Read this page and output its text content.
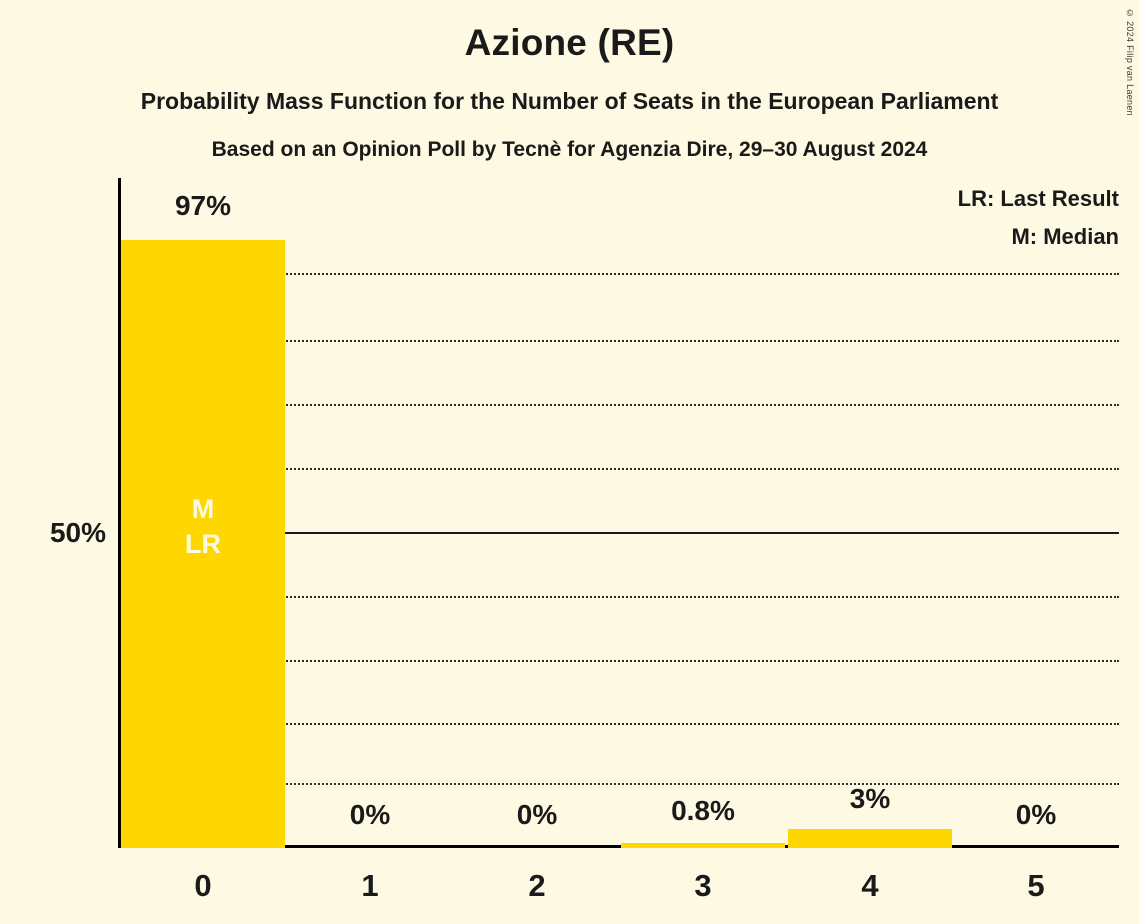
Azione (RE)
Probability Mass Function for the Number of Seats in the European Parliament
Based on an Opinion Poll by Tecnè for Agenzia Dire, 29–30 August 2024
© 2024 Filip van Laenen
LR: Last Result
M: Median
50%
97%
0%	0%	0.8%	3%
0%
M
LR
0	1	2	3	4	5
